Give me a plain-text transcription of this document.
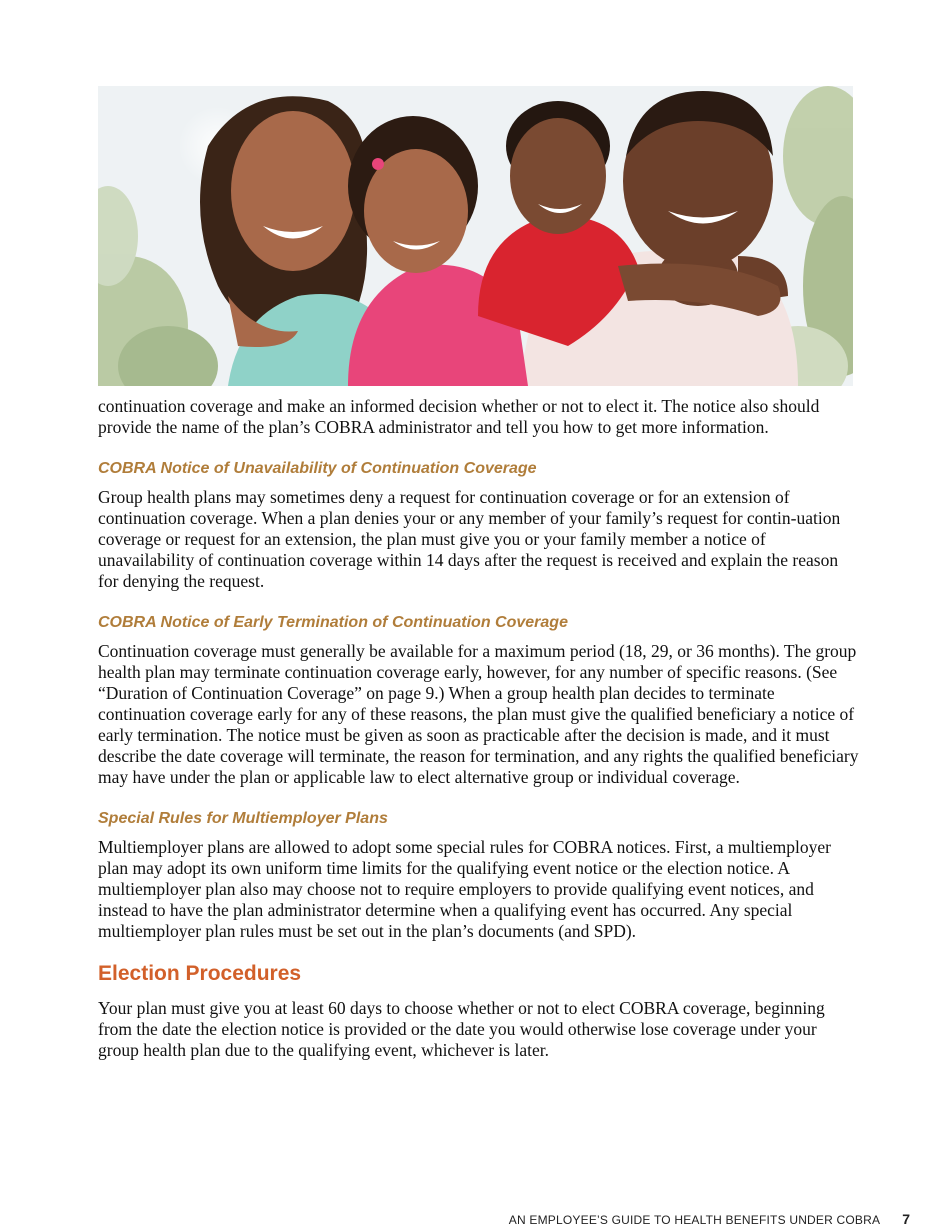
continuation coverage and make an informed decision whether or not to elect it. The notice also should provide the name of the plan’s COBRA administrator and tell you how to get more information.

COBRA Notice of Unavailability of Continuation Coverage

Group health plans may sometimes deny a request for continuation coverage or for an extension of continuation coverage. When a plan denies your or any member of your family’s request for contin-uation coverage or request for an extension, the plan must give you or your family member a notice of unavailability of continuation coverage within 14 days after the request is received and explain the reason for denying the request.

COBRA Notice of Early Termination of Continuation Coverage

Continuation coverage must generally be available for a maximum period (18, 29, or 36 months). The group health plan may terminate continuation coverage early, however, for any number of specific reasons. (See “Duration of Continuation Coverage” on page 9.) When a group health plan decides to terminate continuation coverage early for any of these reasons, the plan must give the qualified beneficiary a notice of early termination. The notice must be given as soon as practicable after the decision is made, and it must describe the date coverage will terminate, the reason for termination, and any rights the qualified beneficiary may have under the plan or applicable law to elect alternative group or individual coverage.

Special Rules for Multiemployer Plans

Multiemployer plans are allowed to adopt some special rules for COBRA notices. First, a multiemployer plan may adopt its own uniform time limits for the qualifying event notice or the election notice. A multiemployer plan also may choose not to require employers to provide qualifying event notices, and instead to have the plan administrator determine when a qualifying event has occurred. Any special multiemployer plan rules must be set out in the plan’s documents (and SPD).

Election Procedures

Your plan must give you at least 60 days to choose whether or not to elect COBRA coverage, beginning from the date the election notice is provided or the date you would otherwise lose coverage under your group health plan due to the qualifying event, whichever is later.

AN EMPLOYEE’S GUIDE TO HEALTH BENEFITS UNDER COBRA 7
